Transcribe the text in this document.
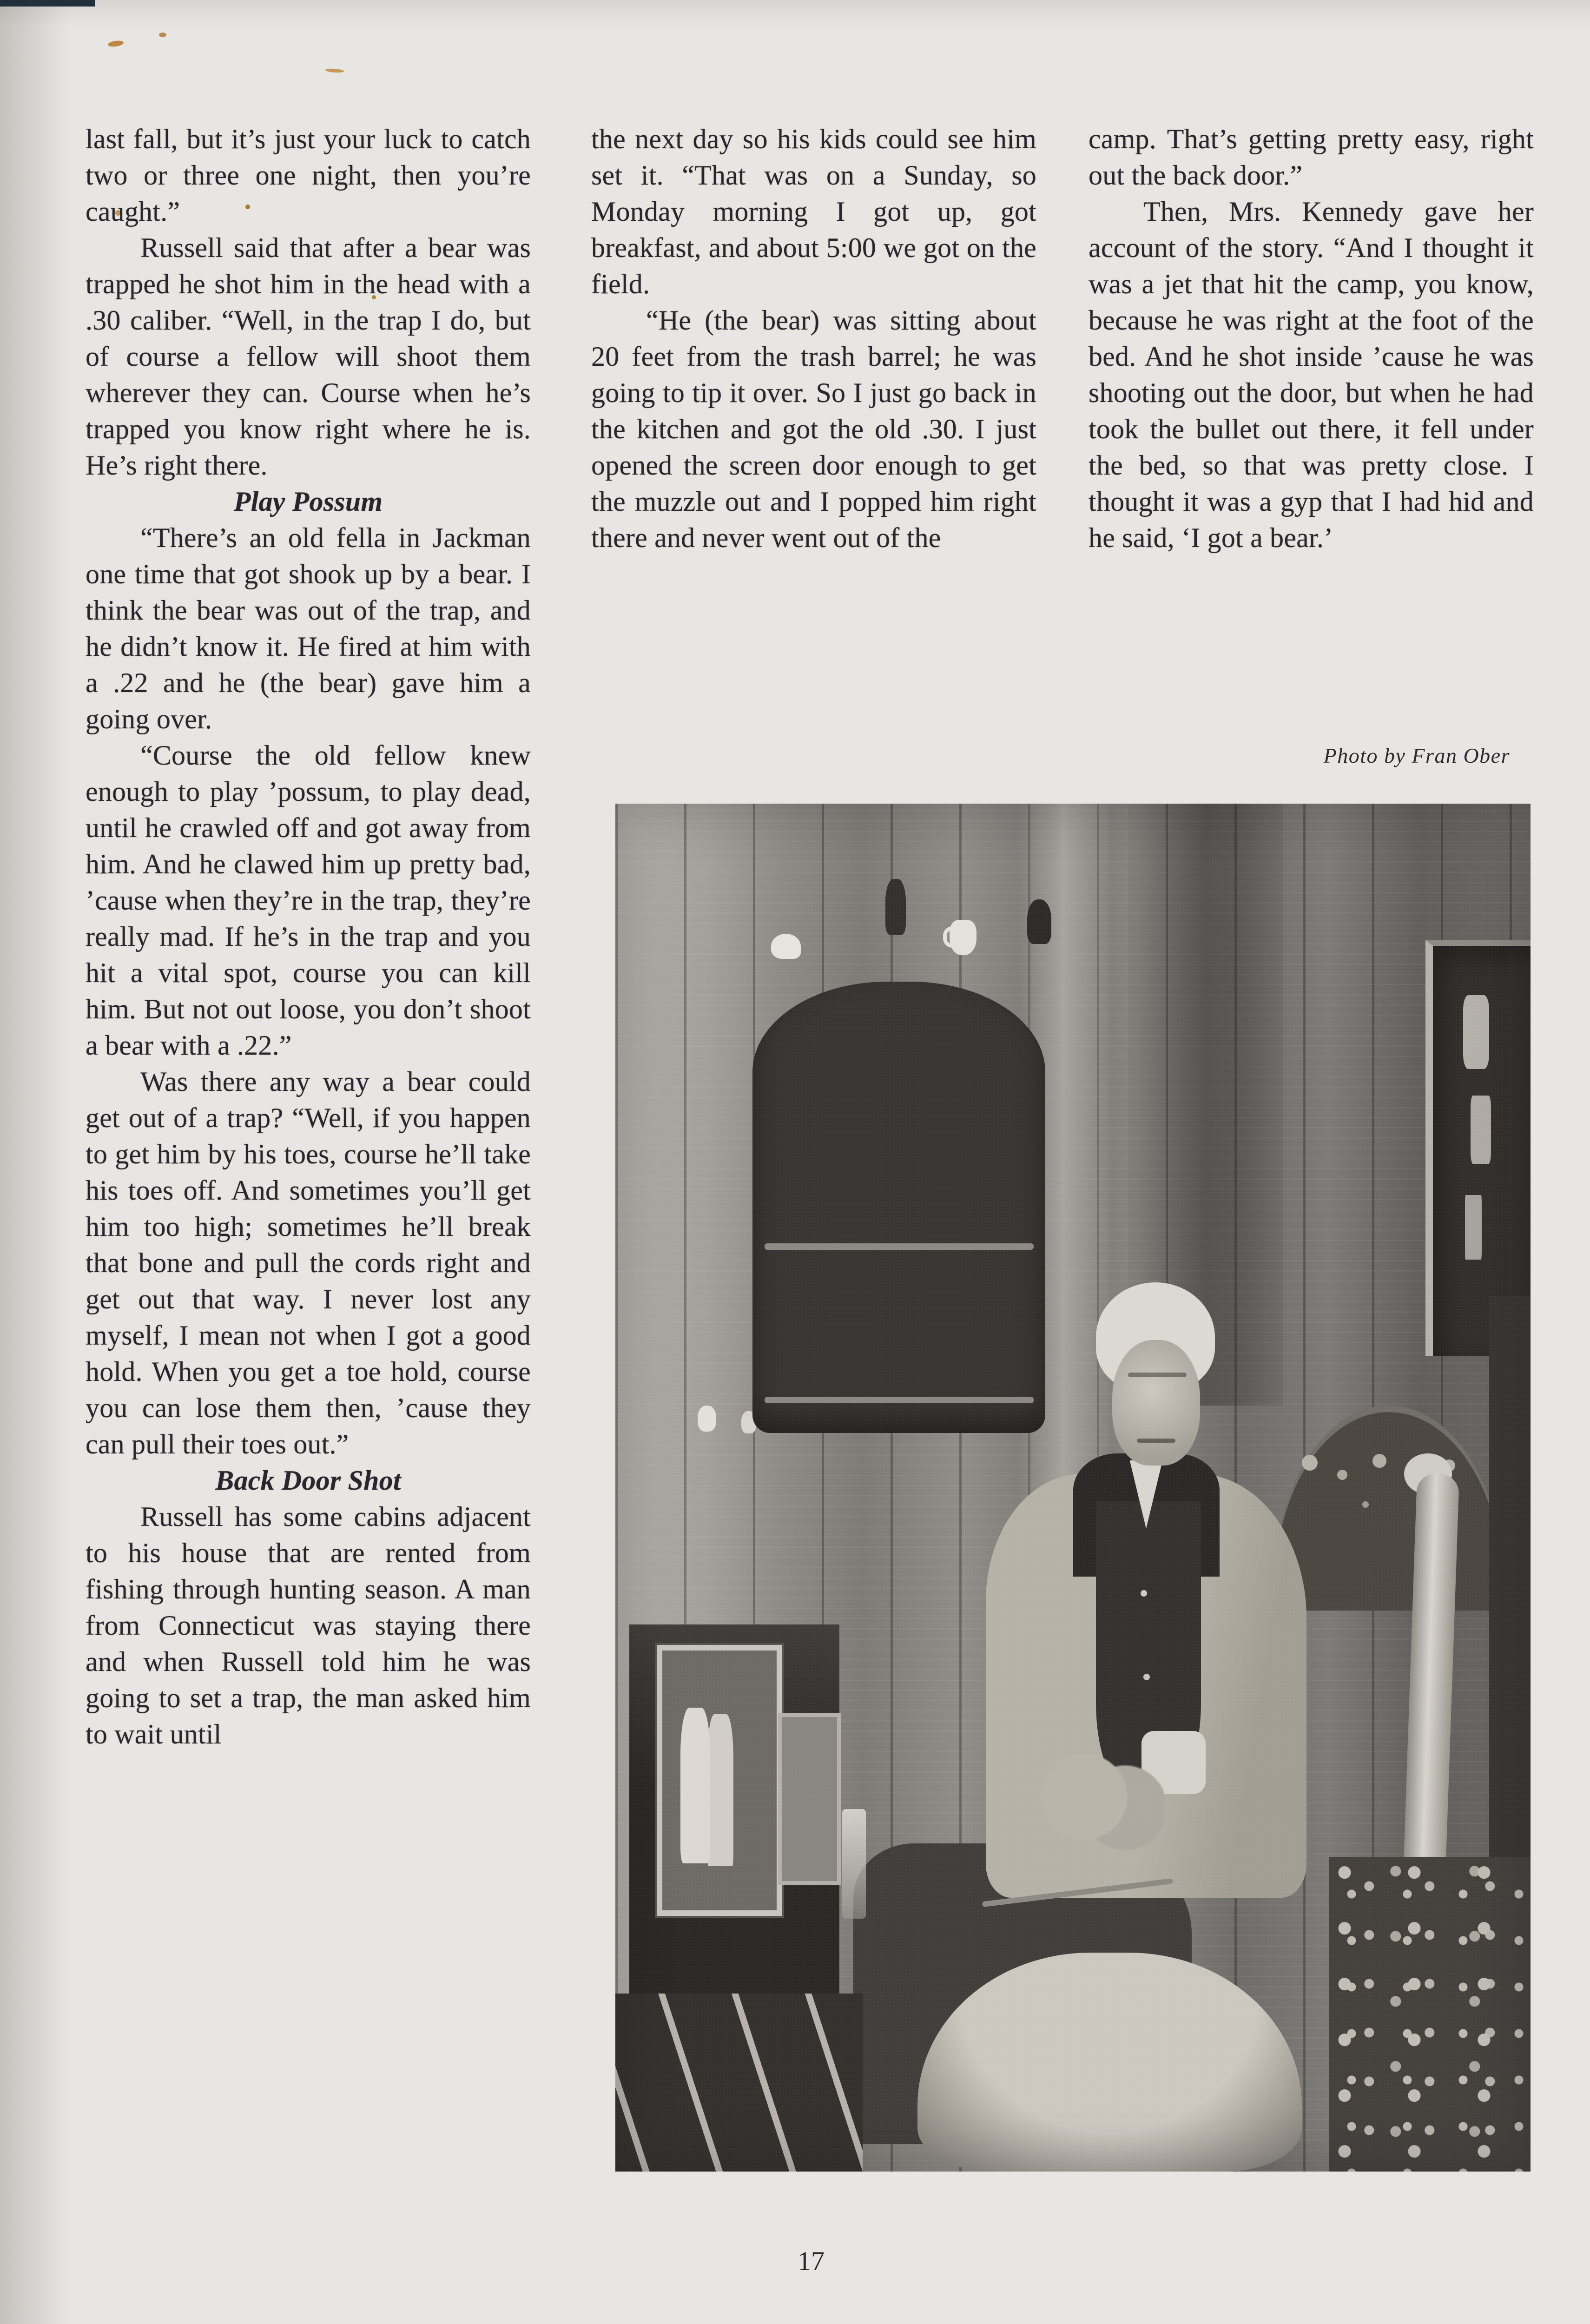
last fall, but it’s just your luck to catch two or three one night, then you’re caught.”

Russell said that after a bear was trapped he shot him in the head with a .30 caliber. “Well, in the trap I do, but of course a fellow will shoot them wherever they can. Course when he’s trapped you know right where he is. He’s right there.

Play Possum

“There’s an old fella in Jackman one time that got shook up by a bear. I think the bear was out of the trap, and he didn’t know it. He fired at him with a .22 and he (the bear) gave him a going over.

“Course the old fellow knew enough to play ’possum, to play dead, until he crawled off and got away from him. And he clawed him up pretty bad, ’cause when they’re in the trap, they’re really mad. If he’s in the trap and you hit a vital spot, course you can kill him. But not out loose, you don’t shoot a bear with a .22.”

Was there any way a bear could get out of a trap? “Well, if you happen to get him by his toes, course he’ll take his toes off. And sometimes you’ll get him too high; sometimes he’ll break that bone and pull the cords right and get out that way. I never lost any myself, I mean not when I got a good hold. When you get a toe hold, course you can lose them then, ’cause they can pull their toes out.”

Back Door Shot

Russell has some cabins adjacent to his house that are rented from fishing through hunting season. A man from Connecticut was staying there and when Russell told him he was going to set a trap, the man asked him to wait until

the next day so his kids could see him set it. “That was on a Sunday, so Monday morning I got up, got breakfast, and about 5:00 we got on the field.

“He (the bear) was sitting about 20 feet from the trash barrel; he was going to tip it over. So I just go back in the kitchen and got the old .30. I just opened the screen door enough to get the muzzle out and I popped him right there and never went out of the

camp. That’s getting pretty easy, right out the back door.”

Then, Mrs. Kennedy gave her account of the story. “And I thought it was a jet that hit the camp, you know, because he was right at the foot of the bed. And he shot inside ’cause he was shooting out the door, but when he had took the bullet out there, it fell under the bed, so that was pretty close. I thought it was a gyp that I had hid and he said, ‘I got a bear.’

Photo by Fran Ober
17
